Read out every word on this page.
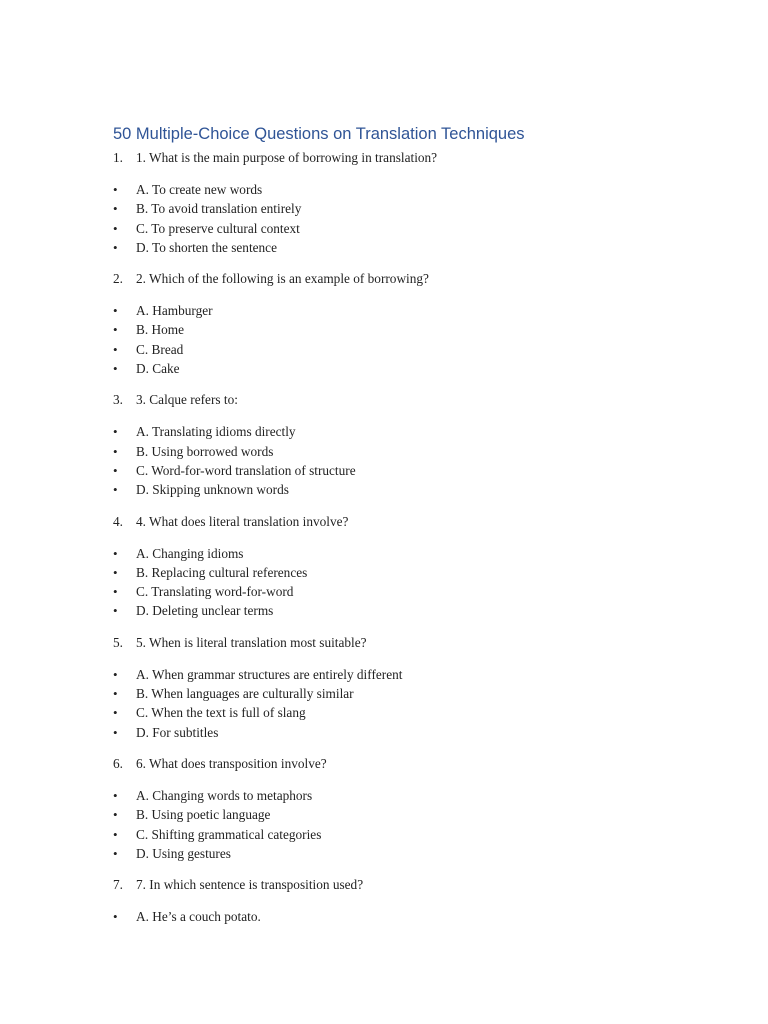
50 Multiple-Choice Questions on Translation Techniques
1. 1. What is the main purpose of borrowing in translation?
• A. To create new words
• B. To avoid translation entirely
• C. To preserve cultural context
• D. To shorten the sentence
2. 2. Which of the following is an example of borrowing?
• A. Hamburger
• B. Home
• C. Bread
• D. Cake
3. 3. Calque refers to:
• A. Translating idioms directly
• B. Using borrowed words
• C. Word-for-word translation of structure
• D. Skipping unknown words
4. 4. What does literal translation involve?
• A. Changing idioms
• B. Replacing cultural references
• C. Translating word-for-word
• D. Deleting unclear terms
5. 5. When is literal translation most suitable?
• A. When grammar structures are entirely different
• B. When languages are culturally similar
• C. When the text is full of slang
• D. For subtitles
6. 6. What does transposition involve?
• A. Changing words to metaphors
• B. Using poetic language
• C. Shifting grammatical categories
• D. Using gestures
7. 7. In which sentence is transposition used?
• A. He’s a couch potato.
